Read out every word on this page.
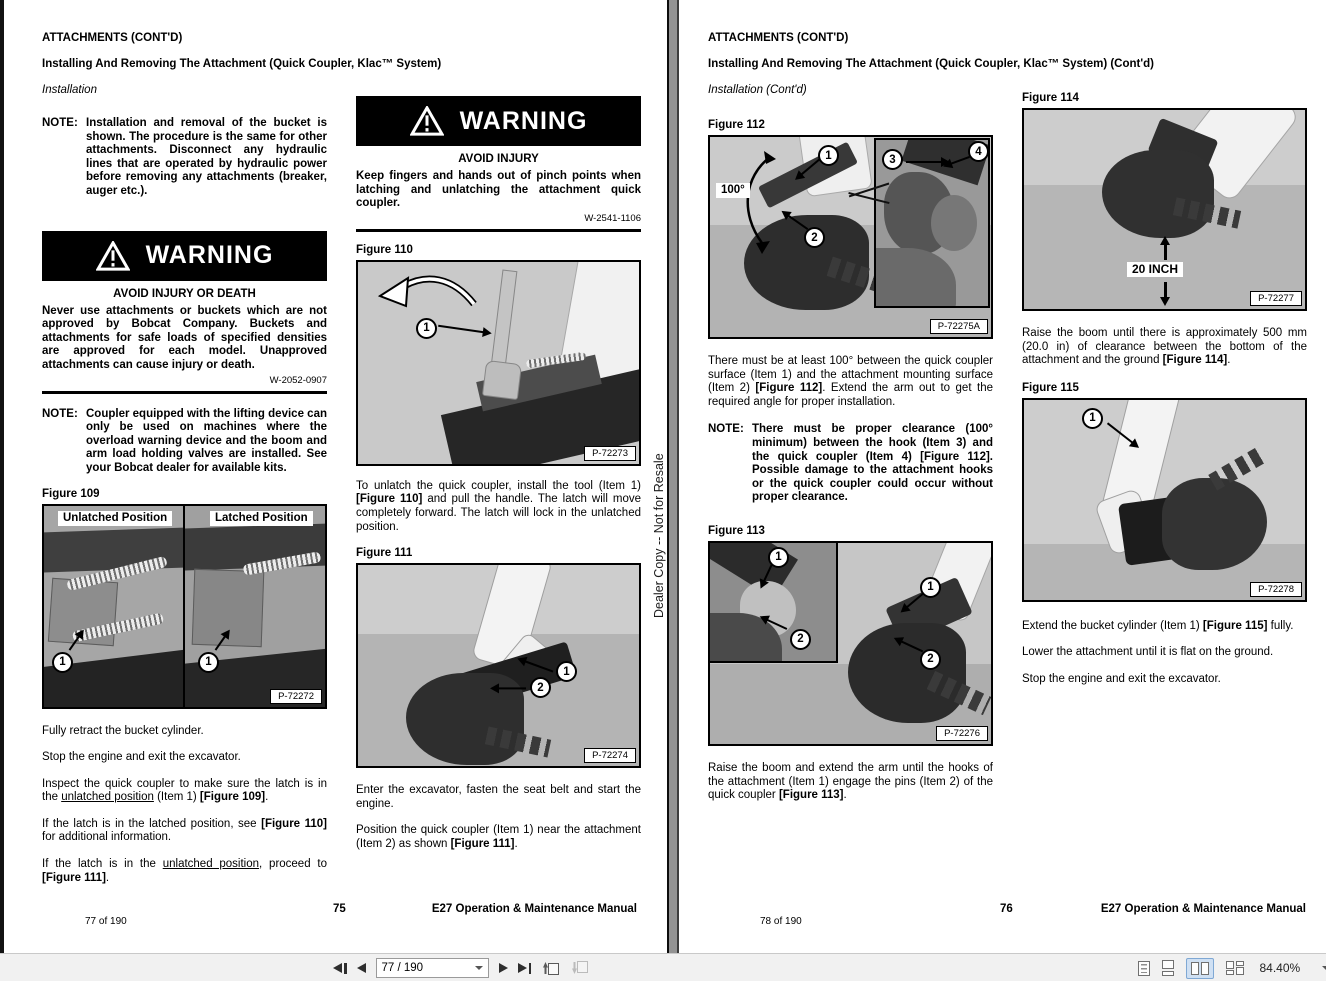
ATTACHMENTS (CONT'D)
Installing And Removing The Attachment (Quick Coupler, Klac™ System)
Installation
NOTE: Installation and removal of the bucket is shown. The procedure is the same for other attachments. Disconnect any hydraulic lines that are operated by hydraulic power before removing any attachments (breaker, auger etc.).
WARNING
AVOID INJURY OR DEATH
Never use attachments or buckets which are not approved by Bobcat Company. Buckets and attachments for safe loads of specified densities are approved for each model. Unapproved attachments can cause injury or death.
W-2052-0907
NOTE: Coupler equipped with the lifting device can only be used on machines where the overload warning device and the boom and arm load holding valves are installed. See your Bobcat dealer for available kits.
Figure 109
Unlatched Position	Latched Position
1	1
P-72272

Fully retract the bucket cylinder.

Stop the engine and exit the excavator.

Inspect the quick coupler to make sure the latch is in the unlatched position (Item 1) [Figure 109].

If the latch is in the latched position, see [Figure 110] for additional information.

If the latch is in the unlatched position, proceed to [Figure 111].

WARNING
AVOID INJURY
Keep fingers and hands out of pinch points when latching and unlatching the attachment quick coupler.
W-2541-1106
Figure 110
1
P-72273

To unlatch the quick coupler, install the tool (Item 1) [Figure 110] and pull the handle. The latch will move completely forward. The latch will lock in the unlatched position.

Figure 111
1
2
P-72274

Enter the excavator, fasten the seat belt and start the engine.

Position the quick coupler (Item 1) near the attachment (Item 2) as shown [Figure 111].

77 of 190
75	E27 Operation & Maintenance Manual
Dealer Copy -- Not for Resale
ATTACHMENTS (CONT'D)
Installing And Removing The Attachment (Quick Coupler, Klac™ System) (Cont'd)
Installation (Cont'd)
Figure 112
3
4
100°
1
2
P-72275A

There must be at least 100° between the quick coupler surface (Item 1) and the attachment mounting surface (Item 2) [Figure 112]. Extend the arm out to get the required angle for proper installation.

NOTE: There must be proper clearance (100° minimum) between the hook (Item 3) and the quick coupler (Item 4) [Figure 112]. Possible damage to the attachment hooks or the quick coupler could occur without proper clearance.
Figure 113
1
2
1
2
P-72276

Raise the boom and extend the arm until the hooks of the attachment (Item 1) engage the pins (Item 2) of the quick coupler [Figure 113].

Figure 114
20 INCH
P-72277

Raise the boom until there is approximately 500 mm (20.0 in) of clearance between the bottom of the attachment and the ground [Figure 114].

Figure 115
1
P-72278

Extend the bucket cylinder (Item 1) [Figure 115] fully.

Lower the attachment until it is flat on the ground.

Stop the engine and exit the excavator.

78 of 190
76	E27 Operation & Maintenance Manual
77 / 190
84.40%
